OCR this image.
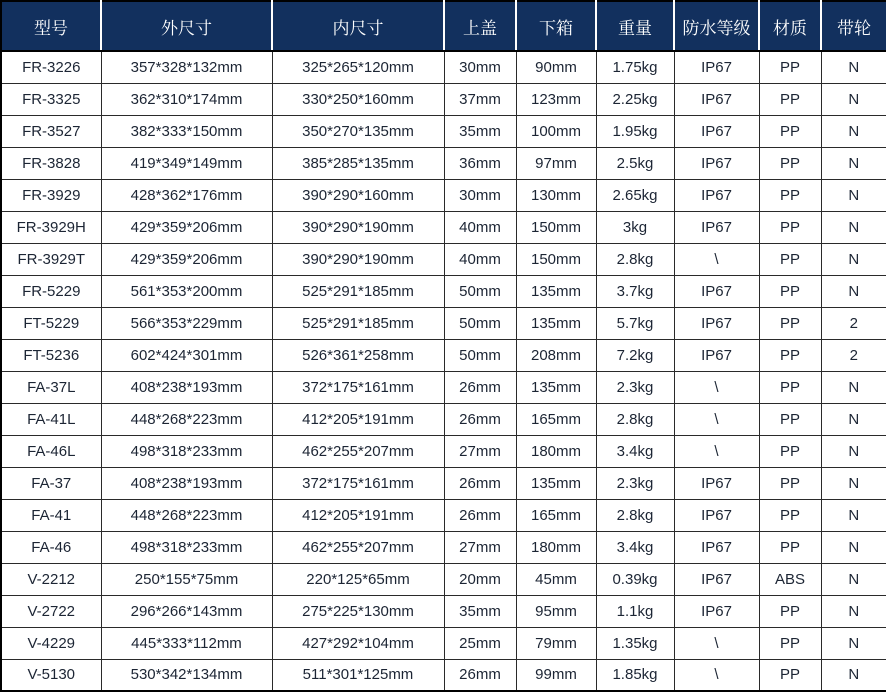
型号	外尺寸	内尺寸	上盖	下箱	重量	防水等级	材质	带轮
FR-3226	357*328*132mm	325*265*120mm	30mm	90mm	1.75kg	IP67	PP	N
FR-3325	362*310*174mm	330*250*160mm	37mm	123mm	2.25kg	IP67	PP	N
FR-3527	382*333*150mm	350*270*135mm	35mm	100mm	1.95kg	IP67	PP	N
FR-3828	419*349*149mm	385*285*135mm	36mm	97mm	2.5kg	IP67	PP	N
FR-3929	428*362*176mm	390*290*160mm	30mm	130mm	2.65kg	IP67	PP	N
FR-3929H	429*359*206mm	390*290*190mm	40mm	150mm	3kg	IP67	PP	N
FR-3929T	429*359*206mm	390*290*190mm	40mm	150mm	2.8kg	\	PP	N
FR-5229	561*353*200mm	525*291*185mm	50mm	135mm	3.7kg	IP67	PP	N
FT-5229	566*353*229mm	525*291*185mm	50mm	135mm	5.7kg	IP67	PP	2
FT-5236	602*424*301mm	526*361*258mm	50mm	208mm	7.2kg	IP67	PP	2
FA-37L	408*238*193mm	372*175*161mm	26mm	135mm	2.3kg	\	PP	N
FA-41L	448*268*223mm	412*205*191mm	26mm	165mm	2.8kg	\	PP	N
FA-46L	498*318*233mm	462*255*207mm	27mm	180mm	3.4kg	\	PP	N
FA-37	408*238*193mm	372*175*161mm	26mm	135mm	2.3kg	IP67	PP	N
FA-41	448*268*223mm	412*205*191mm	26mm	165mm	2.8kg	IP67	PP	N
FA-46	498*318*233mm	462*255*207mm	27mm	180mm	3.4kg	IP67	PP	N
V-2212	250*155*75mm	220*125*65mm	20mm	45mm	0.39kg	IP67	ABS	N
V-2722	296*266*143mm	275*225*130mm	35mm	95mm	1.1kg	IP67	PP	N
V-4229	445*333*112mm	427*292*104mm	25mm	79mm	1.35kg	\	PP	N
V-5130	530*342*134mm	511*301*125mm	26mm	99mm	1.85kg	\	PP	N
